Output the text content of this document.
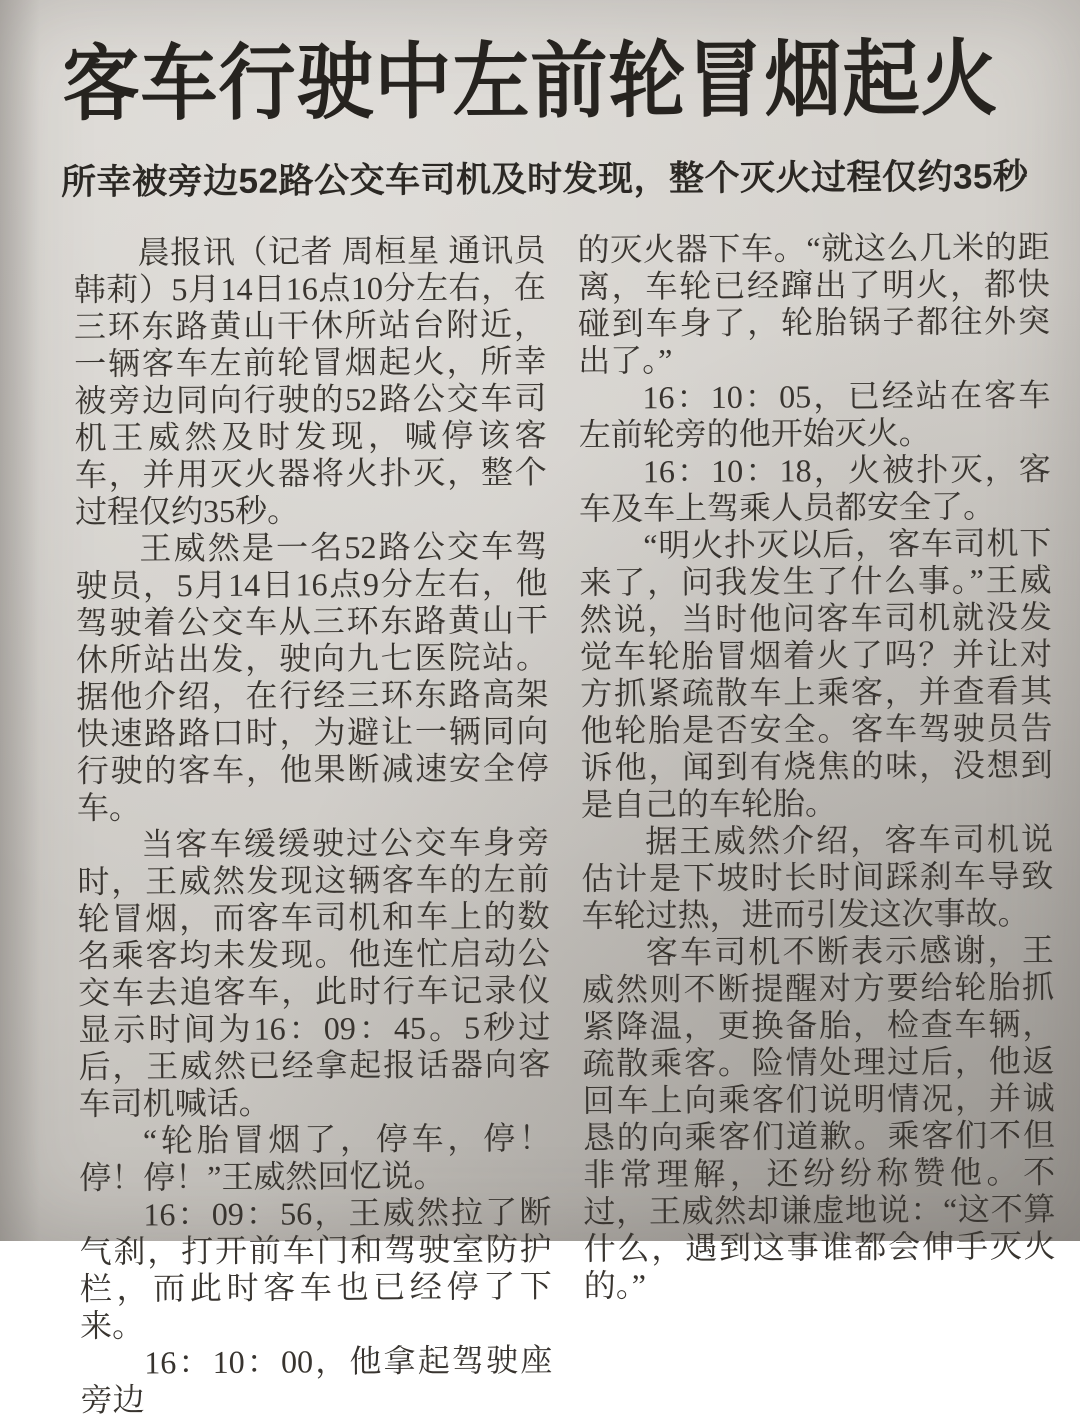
客车行驶中左前轮冒烟起火
所幸被旁边52路公交车司机及时发现，整个灭火过程仅约35秒

晨报讯（记者 周桓星 通讯员 韩莉）5月14日16点10分左右，在三环东路黄山干休所站台附近，一辆客车左前轮冒烟起火，所幸被旁边同向行驶的52路公交车司机王威然及时发现，喊停该客车，并用灭火器将火扑灭，整个过程仅约35秒。

王威然是一名52路公交车驾驶员，5月14日16点9分左右，他驾驶着公交车从三环东路黄山干休所站出发，驶向九七医院站。据他介绍，在行经三环东路高架快速路路口时，为避让一辆同向行驶的客车，他果断减速安全停车。

当客车缓缓驶过公交车身旁时，王威然发现这辆客车的左前轮冒烟，而客车司机和车上的数名乘客均未发现。他连忙启动公交车去追客车，此时行车记录仪显示时间为16：09：45。5秒过后，王威然已经拿起报话器向客车司机喊话。

“轮胎冒烟了，停车，停！停！停！”王威然回忆说。

16：09：56，王威然拉了断气刹，打开前车门和驾驶室防护栏，而此时客车也已经停了下来。

16：10：00，他拿起驾驶座旁边

的灭火器下车。“就这么几米的距离，车轮已经蹿出了明火，都快碰到车身了，轮胎锅子都往外突出了。”

16：10：05，已经站在客车左前轮旁的他开始灭火。

16：10：18，火被扑灭，客车及车上驾乘人员都安全了。

“明火扑灭以后，客车司机下来了，问我发生了什么事。”王威然说，当时他问客车司机就没发觉车轮胎冒烟着火了吗？并让对方抓紧疏散车上乘客，并查看其他轮胎是否安全。客车驾驶员告诉他，闻到有烧焦的味，没想到是自己的车轮胎。

据王威然介绍，客车司机说估计是下坡时长时间踩刹车导致车轮过热，进而引发这次事故。

客车司机不断表示感谢，王威然则不断提醒对方要给轮胎抓紧降温，更换备胎，检查车辆，疏散乘客。险情处理过后，他返回车上向乘客们说明情况，并诚恳的向乘客们道歉。乘客们不但非常理解，还纷纷称赞他。不过，王威然却谦虚地说：“这不算什么，遇到这事谁都会伸手灭火的。”
